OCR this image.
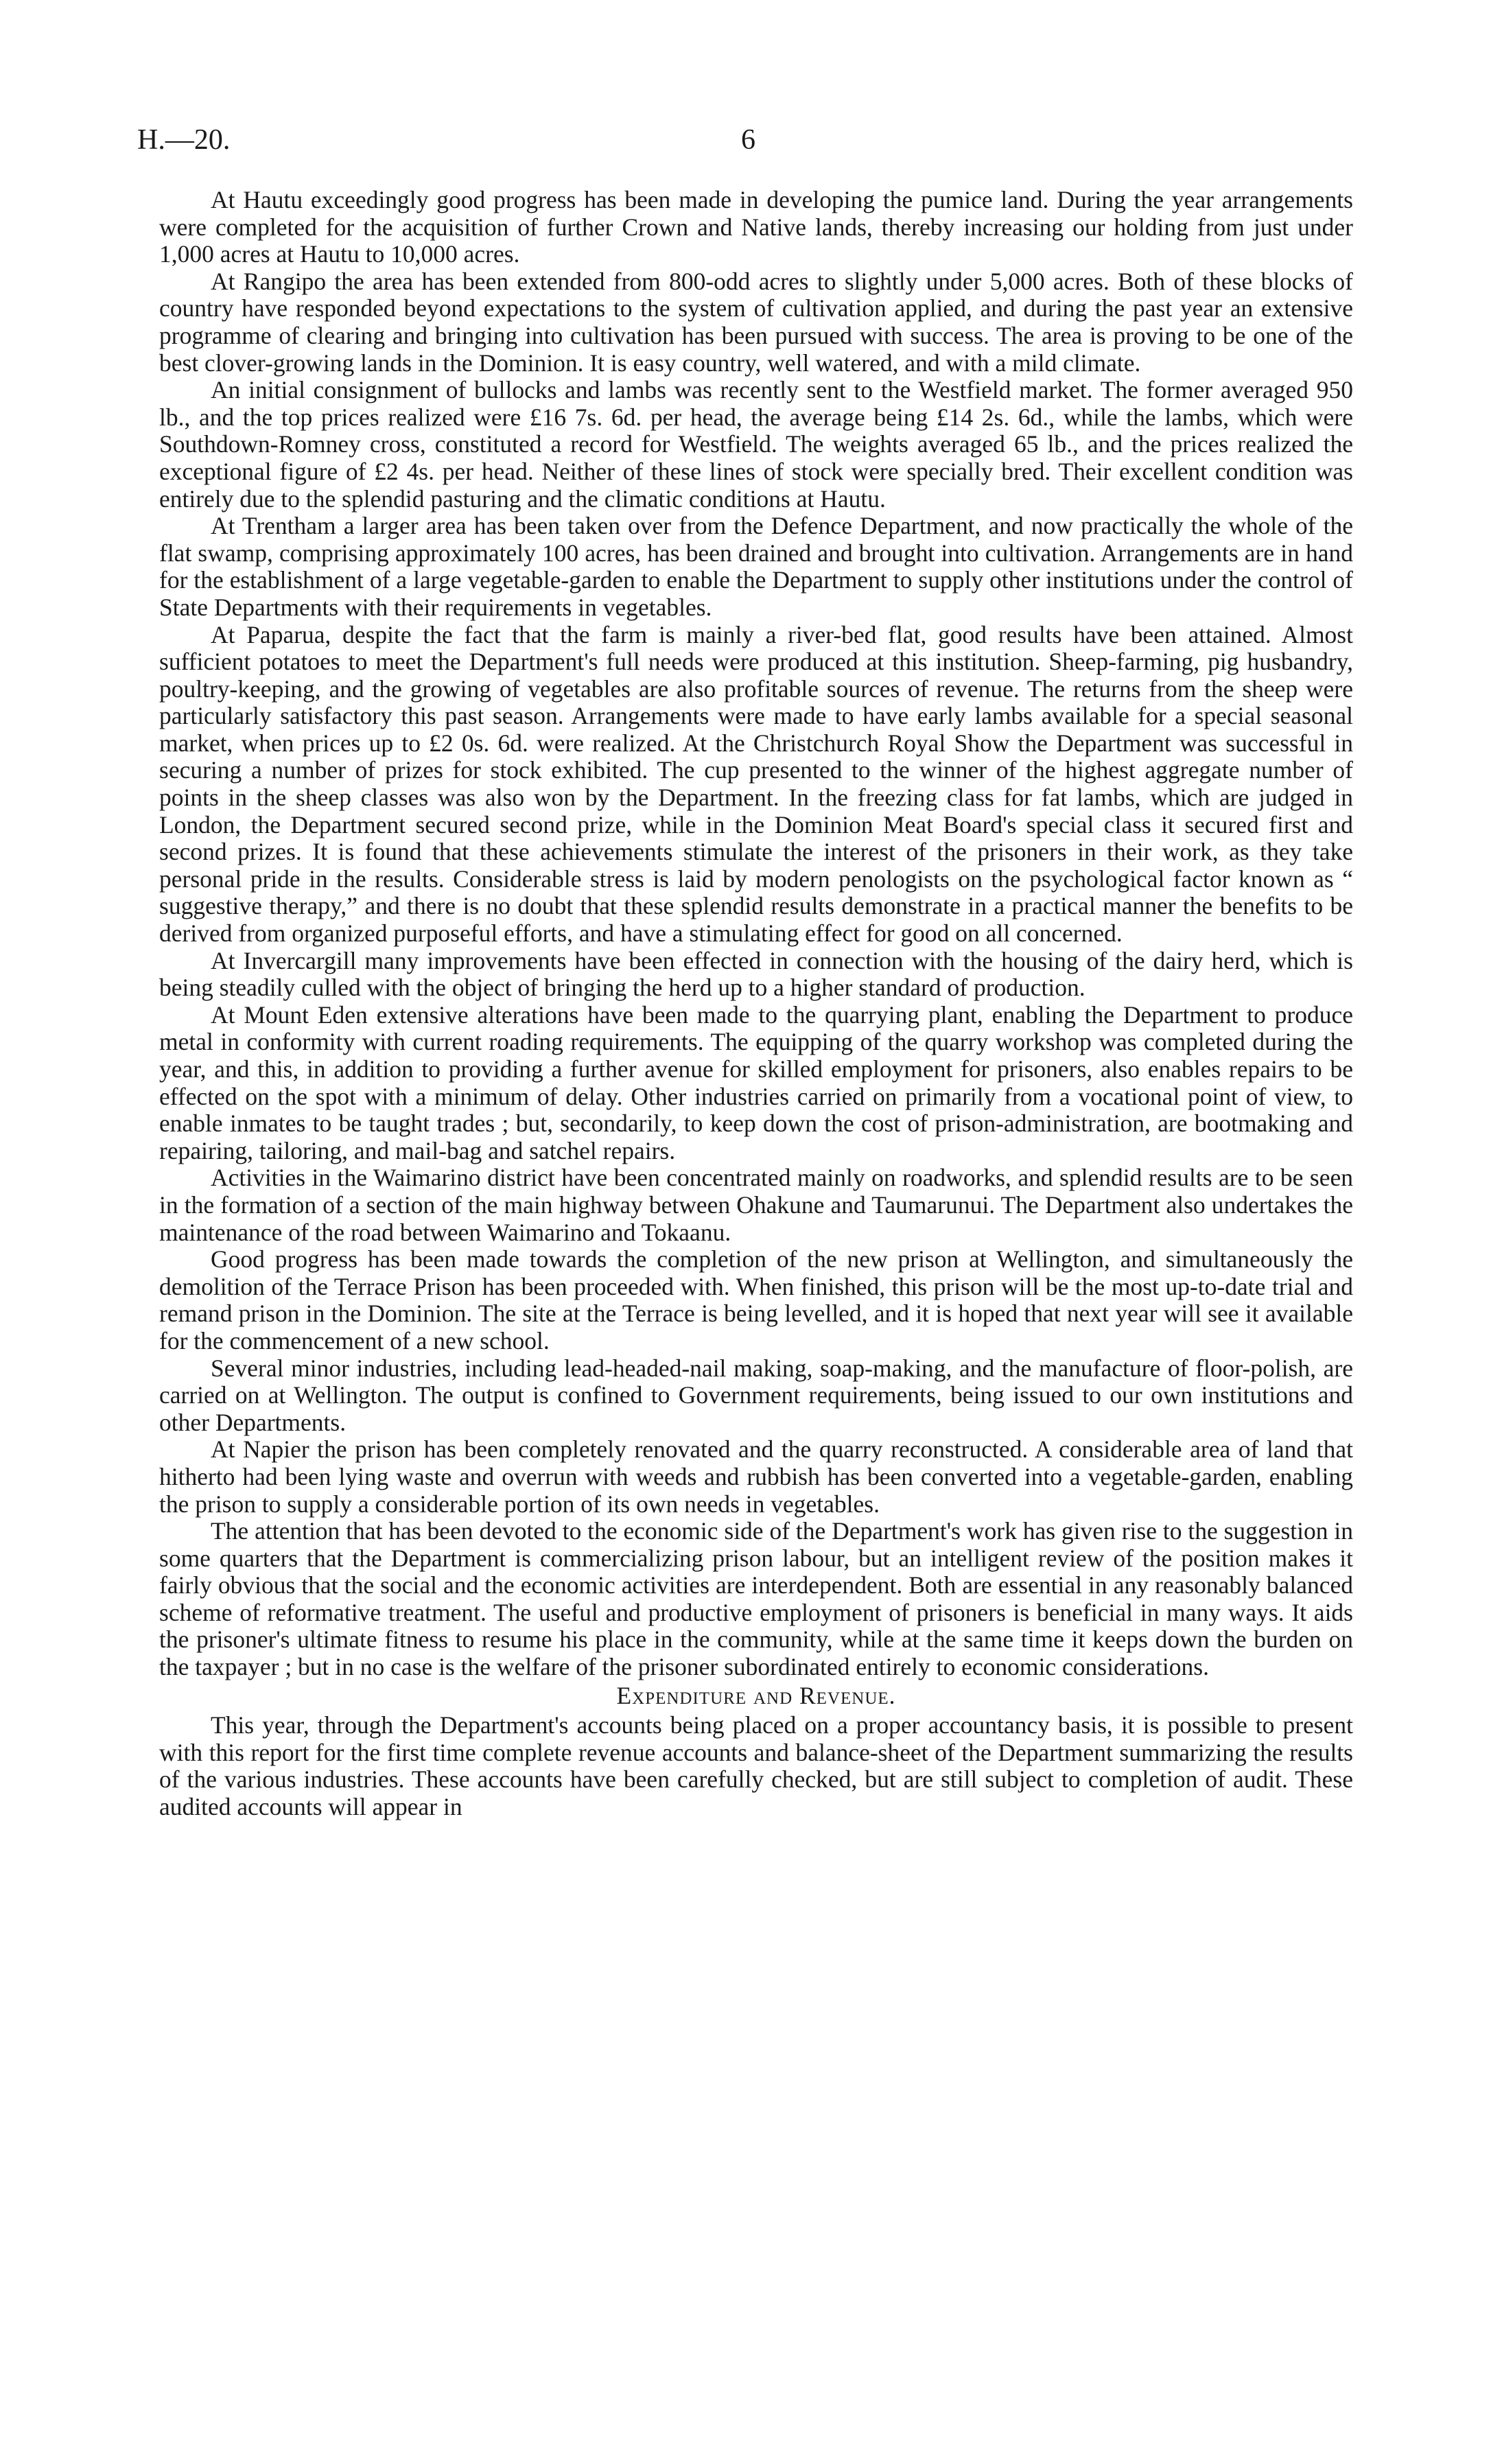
H.—20.	6

At Hautu exceedingly good progress has been made in developing the pumice land. During the year arrangements were completed for the acquisition of further Crown and Native lands, thereby increasing our holding from just under 1,000 acres at Hautu to 10,000 acres.

At Rangipo the area has been extended from 800-odd acres to slightly under 5,000 acres. Both of these blocks of country have responded beyond expectations to the system of cultivation applied, and during the past year an extensive programme of clearing and bringing into cultivation has been pursued with success. The area is proving to be one of the best clover-growing lands in the Dominion. It is easy country, well watered, and with a mild climate.

An initial consignment of bullocks and lambs was recently sent to the Westfield market. The former averaged 950 lb., and the top prices realized were £16 7s. 6d. per head, the average being £14 2s. 6d., while the lambs, which were Southdown-Romney cross, constituted a record for Westfield. The weights averaged 65 lb., and the prices realized the exceptional figure of £2 4s. per head. Neither of these lines of stock were specially bred. Their excellent condition was entirely due to the splendid pasturing and the climatic conditions at Hautu.

At Trentham a larger area has been taken over from the Defence Department, and now practically the whole of the flat swamp, comprising approximately 100 acres, has been drained and brought into cultivation. Arrangements are in hand for the establishment of a large vegetable-garden to enable the Department to supply other institutions under the control of State Departments with their requirements in vegetables.

At Paparua, despite the fact that the farm is mainly a river-bed flat, good results have been attained. Almost sufficient potatoes to meet the Department's full needs were produced at this institution. Sheep-farming, pig husbandry, poultry-keeping, and the growing of vegetables are also profitable sources of revenue. The returns from the sheep were particularly satisfactory this past season. Arrangements were made to have early lambs available for a special seasonal market, when prices up to £2 0s. 6d. were realized. At the Christchurch Royal Show the Department was successful in securing a number of prizes for stock exhibited. The cup presented to the winner of the highest aggregate number of points in the sheep classes was also won by the Department. In the freezing class for fat lambs, which are judged in London, the Department secured second prize, while in the Dominion Meat Board's special class it secured first and second prizes. It is found that these achievements stimulate the interest of the prisoners in their work, as they take personal pride in the results. Considerable stress is laid by modern penologists on the psychological factor known as “ suggestive therapy,” and there is no doubt that these splendid results demonstrate in a practical manner the benefits to be derived from organized purposeful efforts, and have a stimulating effect for good on all concerned.

At Invercargill many improvements have been effected in connection with the housing of the dairy herd, which is being steadily culled with the object of bringing the herd up to a higher standard of production.

At Mount Eden extensive alterations have been made to the quarrying plant, enabling the Department to produce metal in conformity with current roading requirements. The equipping of the quarry workshop was completed during the year, and this, in addition to providing a further avenue for skilled employment for prisoners, also enables repairs to be effected on the spot with a minimum of delay. Other industries carried on primarily from a vocational point of view, to enable inmates to be taught trades ; but, secondarily, to keep down the cost of prison-administration, are bootmaking and repairing, tailoring, and mail-bag and satchel repairs.

Activities in the Waimarino district have been concentrated mainly on roadworks, and splendid results are to be seen in the formation of a section of the main highway between Ohakune and Taumarunui. The Department also undertakes the maintenance of the road between Waimarino and Tokaanu.

Good progress has been made towards the completion of the new prison at Wellington, and simultaneously the demolition of the Terrace Prison has been proceeded with. When finished, this prison will be the most up-to-date trial and remand prison in the Dominion. The site at the Terrace is being levelled, and it is hoped that next year will see it available for the commencement of a new school.

Several minor industries, including lead-headed-nail making, soap-making, and the manufacture of floor-polish, are carried on at Wellington. The output is confined to Government requirements, being issued to our own institutions and other Departments.

At Napier the prison has been completely renovated and the quarry reconstructed. A considerable area of land that hitherto had been lying waste and overrun with weeds and rubbish has been converted into a vegetable-garden, enabling the prison to supply a considerable portion of its own needs in vegetables.

The attention that has been devoted to the economic side of the Department's work has given rise to the suggestion in some quarters that the Department is commercializing prison labour, but an intelligent review of the position makes it fairly obvious that the social and the economic activities are interdependent. Both are essential in any reasonably balanced scheme of reformative treatment. The useful and productive employment of prisoners is beneficial in many ways. It aids the prisoner's ultimate fitness to resume his place in the community, while at the same time it keeps down the burden on the taxpayer ; but in no case is the welfare of the prisoner subordinated entirely to economic considerations.

Expenditure and Revenue.

This year, through the Department's accounts being placed on a proper accountancy basis, it is possible to present with this report for the first time complete revenue accounts and balance-sheet of the Department summarizing the results of the various industries. These accounts have been carefully checked, but are still subject to completion of audit. These audited accounts will appear in
